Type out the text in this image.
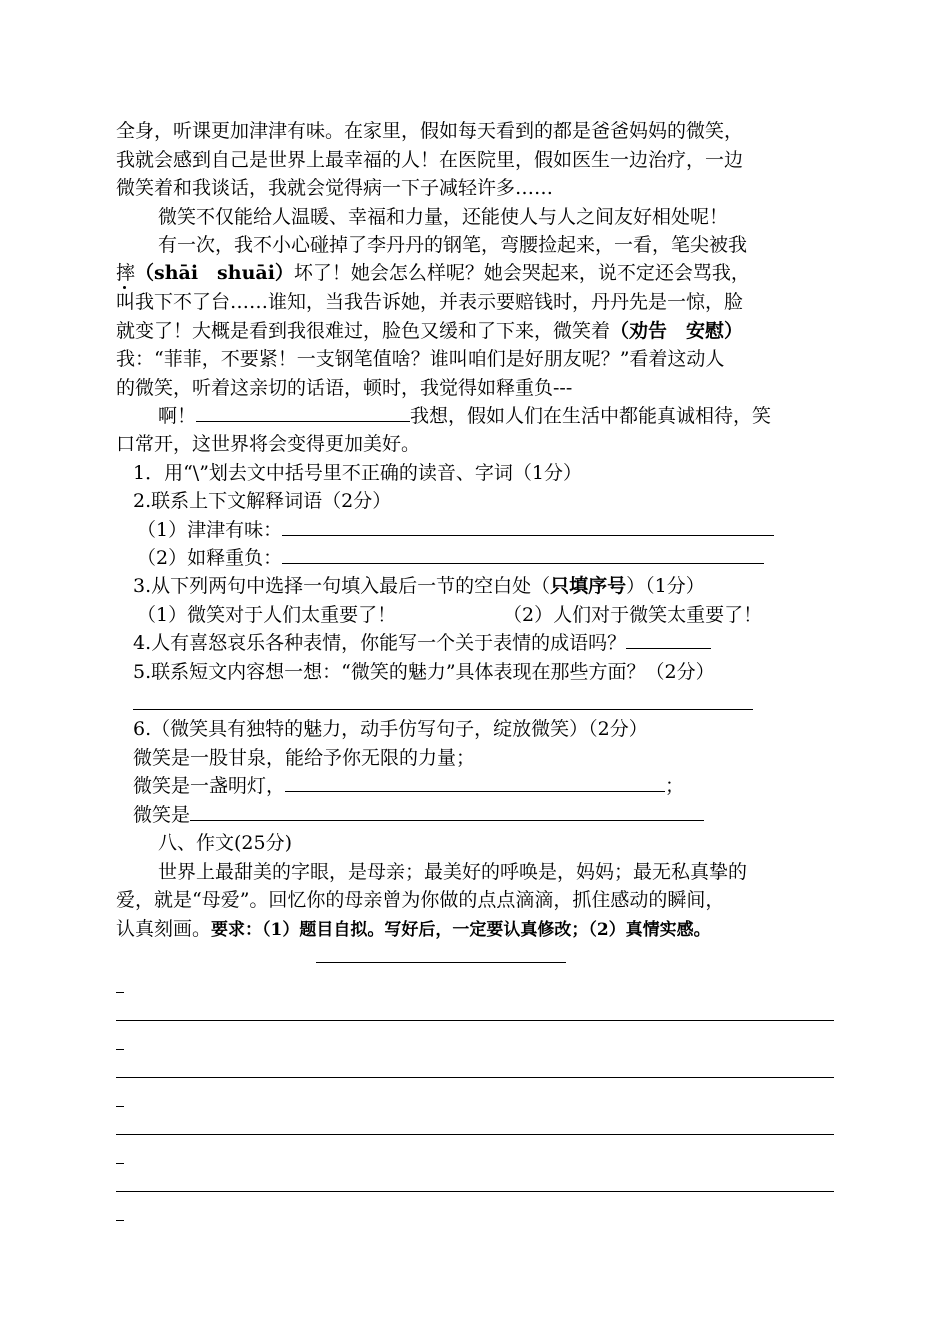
全身，听课更加津津有味。在家里，假如每天看到的都是爸爸妈妈的微笑，
我就会感到自己是世界上最幸福的人！在医院里，假如医生一边治疗，一边
微笑着和我谈话，我就会觉得病一下子减轻许多……
微笑不仅能给人温暖、幸福和力量，还能使人与人之间友好相处呢！
有一次，我不小心碰掉了李丹丹的钢笔，弯腰捡起来，一看，笔尖被我
摔（shāi　shuāi）坏了！她会怎么样呢？她会哭起来，说不定还会骂我，
叫我下不了台……谁知，当我告诉她，并表示要赔钱时，丹丹先是一惊，脸
就变了！大概是看到我很难过，脸色又缓和了下来，微笑着（劝告　安慰）
我：“菲菲，不要紧！一支钢笔值啥？谁叫咱们是好朋友呢？”看着这动人
的微笑，听着这亲切的话语，顿时，我觉得如释重负---
啊！	我想，假如人们在生活中都能真诚相待，笑
口常开，这世界将会变得更加美好。
1．用“\”划去文中括号里不正确的读音、字词（1分）
2.联系上下文解释词语（2分）
（1）津津有味：
（2）如释重负：
3.从下列两句中选择一句填入最后一节的空白处（只填序号）（1分）
（1）微笑对于人们太重要了！	（2）人们对于微笑太重要了！
4.人有喜怒哀乐各种表情，你能写一个关于表情的成语吗？
5.联系短文内容想一想：“微笑的魅力”具体表现在那些方面？（2分）
6.（微笑具有独特的魅力，动手仿写句子，绽放微笑）（2分）
微笑是一股甘泉，能给予你无限的力量；
微笑是一盏明灯，	；
微笑是
八、作文(25分)
世界上最甜美的字眼，是母亲；最美好的呼唤是，妈妈；最无私真挚的
爱，就是“母爱”。回忆你的母亲曾为你做的点点滴滴，抓住感动的瞬间，
认真刻画。要求：（1）题目自拟。写好后，一定要认真修改；（2）真情实感。
